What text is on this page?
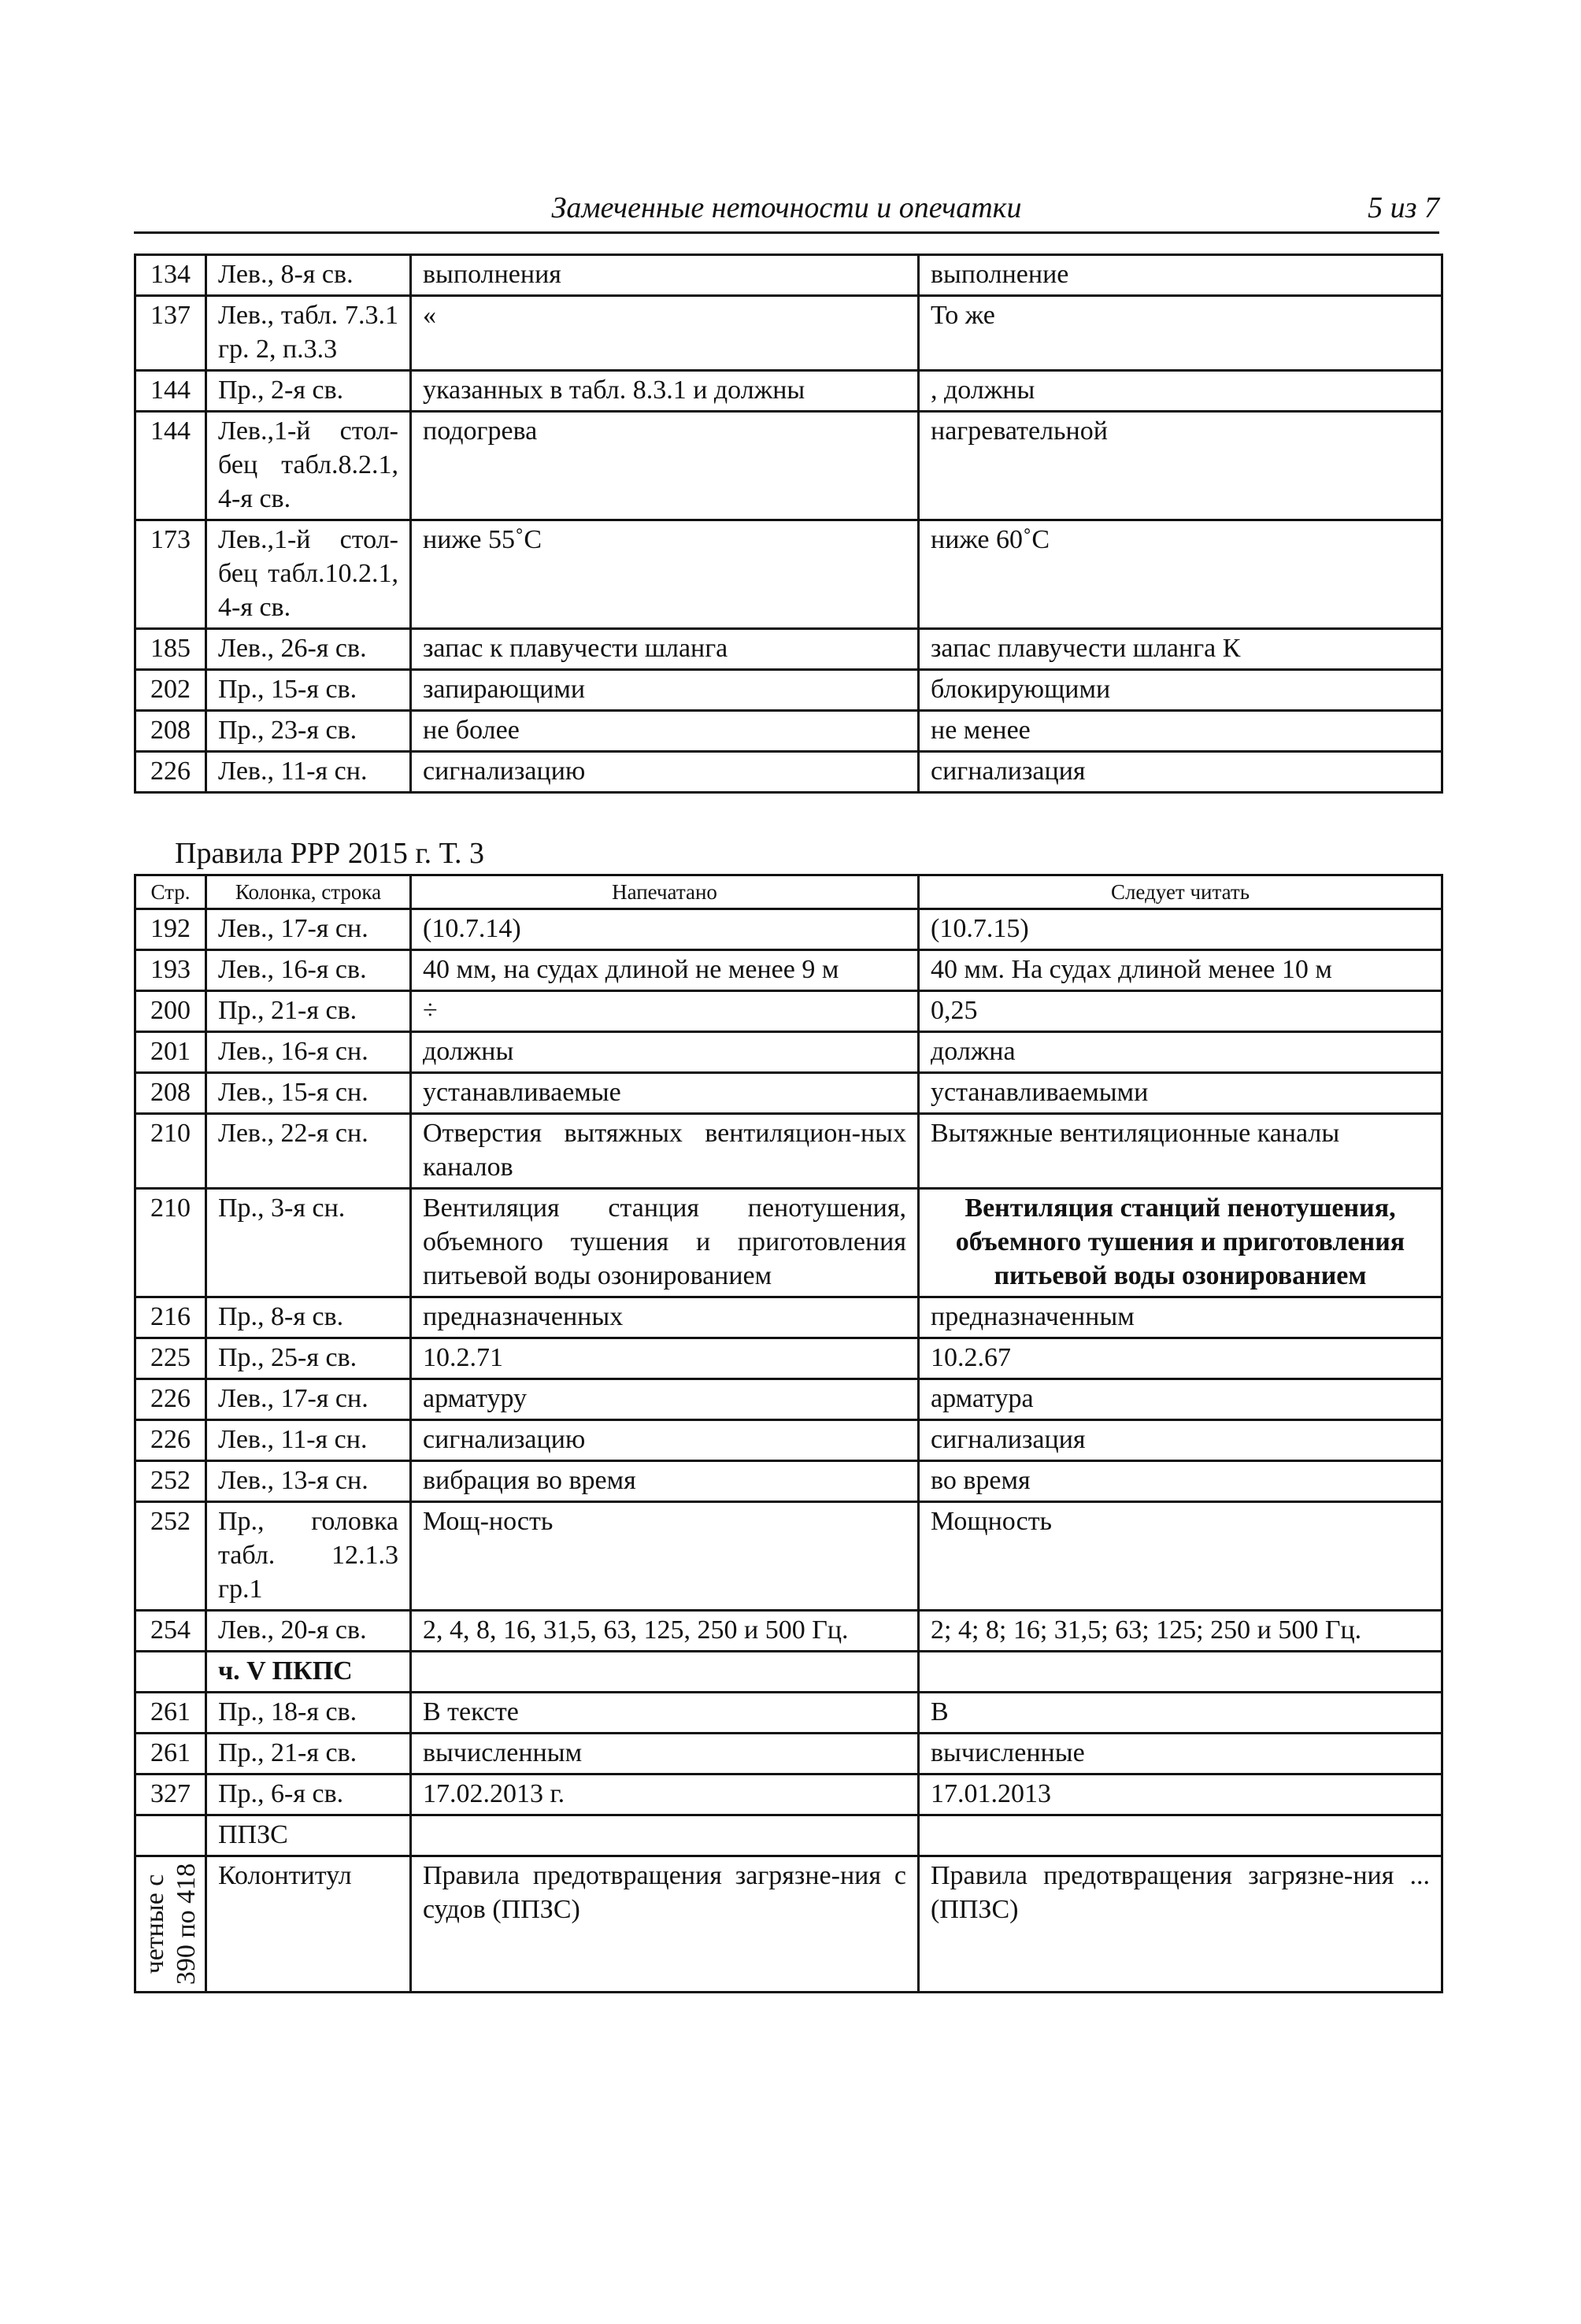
Замеченные неточности и опечатки	5 из 7
134	Лев., 8-я св.	выполнения	выполнение
137	Лев., табл. 7.3.1 гр. 2, п.3.3	«	То же
144	Пр., 2-я св.	указанных в табл. 8.3.1 и должны	, должны
144	Лев.,1-й стол-бец табл.8.2.1, 4-я св.	подогрева	нагревательной
173	Лев.,1-й стол-бец табл.10.2.1, 4-я св.	ниже 55˚С	ниже 60˚С
185	Лев., 26-я св.	запас к плавучести шланга	запас плавучести шланга К
202	Пр., 15-я св.	запирающими	блокирующими
208	Пр., 23-я св.	не более	не менее
226	Лев., 11-я сн.	сигнализацию	сигнализация
Правила РРР 2015 г. Т. 3
Стр.	Колонка, строка	Напечатано	Следует читать
192	Лев., 17-я сн.	(10.7.14)	(10.7.15)
193	Лев., 16-я св.	40 мм, на судах длиной не менее 9 м	40 мм. На судах длиной менее 10 м
200	Пр., 21-я св.	÷	0,25
201	Лев., 16-я сн.	должны	должна
208	Лев., 15-я сн.	устанавливаемые	устанавливаемыми
210	Лев., 22-я сн.	Отверстия вытяжных вентиляцион-ных каналов	Вытяжные вентиляционные каналы
210	Пр., 3-я сн.	Вентиляция станция пенотушения, объемного тушения и приготовления питьевой воды озонированием	Вентиляция станций пенотушения, объемного тушения и приготовления питьевой воды озонированием
216	Пр., 8-я св.	предназначенных	предназначенным
225	Пр., 25-я св.	10.2.71	10.2.67
226	Лев., 17-я сн.	арматуру	арматура
226	Лев., 11-я сн.	сигнализацию	сигнализация
252	Лев., 13-я сн.	вибрация во время	во время
252	Пр., головка табл. 12.1.3 гр.1	Мощ-ность	Мощность
254	Лев., 20-я св.	2, 4, 8, 16, 31,5, 63, 125, 250 и 500 Гц.	2; 4; 8; 16; 31,5; 63; 125; 250 и 500 Гц.
	ч. V ПКПС		
261	Пр., 18-я св.	В тексте	В
261	Пр., 21-я св.	вычисленным	вычисленные
327	Пр., 6-я св.	17.02.2013 г.	17.01.2013
	ППЗС		

четные с 390 по 418	Колонтитул	Правила предотвращения загрязне-ния с судов (ППЗС)	Правила предотвращения загрязне-ния ... (ППЗС)
